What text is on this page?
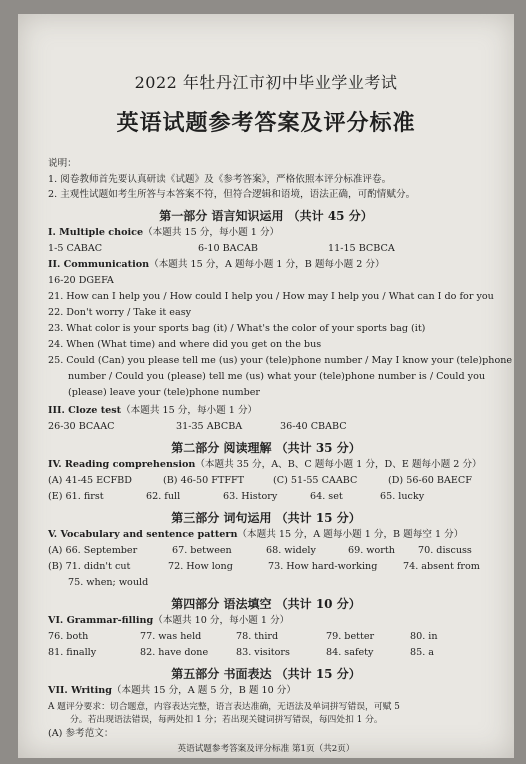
2022 年牡丹江市初中毕业学业考试
英语试题参考答案及评分标准
说明：
1. 阅卷教师首先要认真研读《试题》及《参考答案》，严格依照本评分标准评卷。
2. 主观性试题如考生所答与本答案不符，但符合逻辑和语境，语法正确，可酌情赋分。
第一部分 语言知识运用 （共计 45 分）
I. Multiple choice（本题共 15 分，每小题 1 分）
1-5 CABAC	6-10 BACAB	11-15 BCBCA
II. Communication（本题共 15 分，A 题每小题 1 分，B 题每小题 2 分）
16-20 DGEFA
21. How can I help you / How could I help you / How may I help you / What can I do for you
22. Don't worry / Take it easy
23. What color is your sports bag (it) / What's the color of your sports bag (it)
24. When (What time) and where did you get on the bus
25. Could (Can) you please tell me (us) your (tele)phone number / May I know your (tele)phone
number / Could you (please) tell me (us) what your (tele)phone number is / Could you
(please) leave your (tele)phone number
III. Cloze test（本题共 15 分，每小题 1 分）
26-30 BCAAC	31-35 ABCBA	36-40 CBABC
第二部分 阅读理解 （共计 35 分）
IV. Reading comprehension（本题共 35 分，A、B、C 题每小题 1 分，D、E 题每小题 2 分）
(A) 41-45 ECFBD	(B) 46-50 FTFFT	(C) 51-55 CAABC	(D) 56-60 BAECF
(E) 61. first	62. full	63. History	64. set	65. lucky
第三部分 词句运用 （共计 15 分）
V. Vocabulary and sentence pattern（本题共 15 分，A 题每小题 1 分，B 题每空 1 分）
(A) 66. September	67. between	68. widely	69. worth 70. discuss
(B) 71. didn't cut	72. How long	73. How hard-working	74. absent from
75. when; would
第四部分 语法填空 （共计 10 分）
VI. Grammar-filling（本题共 10 分，每小题 1 分）
76. both	77. was held	78. third	79. better	80. in
81. finally	82. have done	83. visitors	84. safety	85. a
第五部分 书面表达 （共计 15 分）
VII. Writing（本题共 15 分，A 题 5 分，B 题 10 分）
A 题评分要求：切合题意，内容表达完整，语言表达准确，无语法及单词拼写错误，可赋 5
分。若出现语法错误，每两处扣 1 分；若出现关键词拼写错误，每四处扣 1 分。
(A) 参考范文：
英语试题参考答案及评分标准 第1页（共2页）
